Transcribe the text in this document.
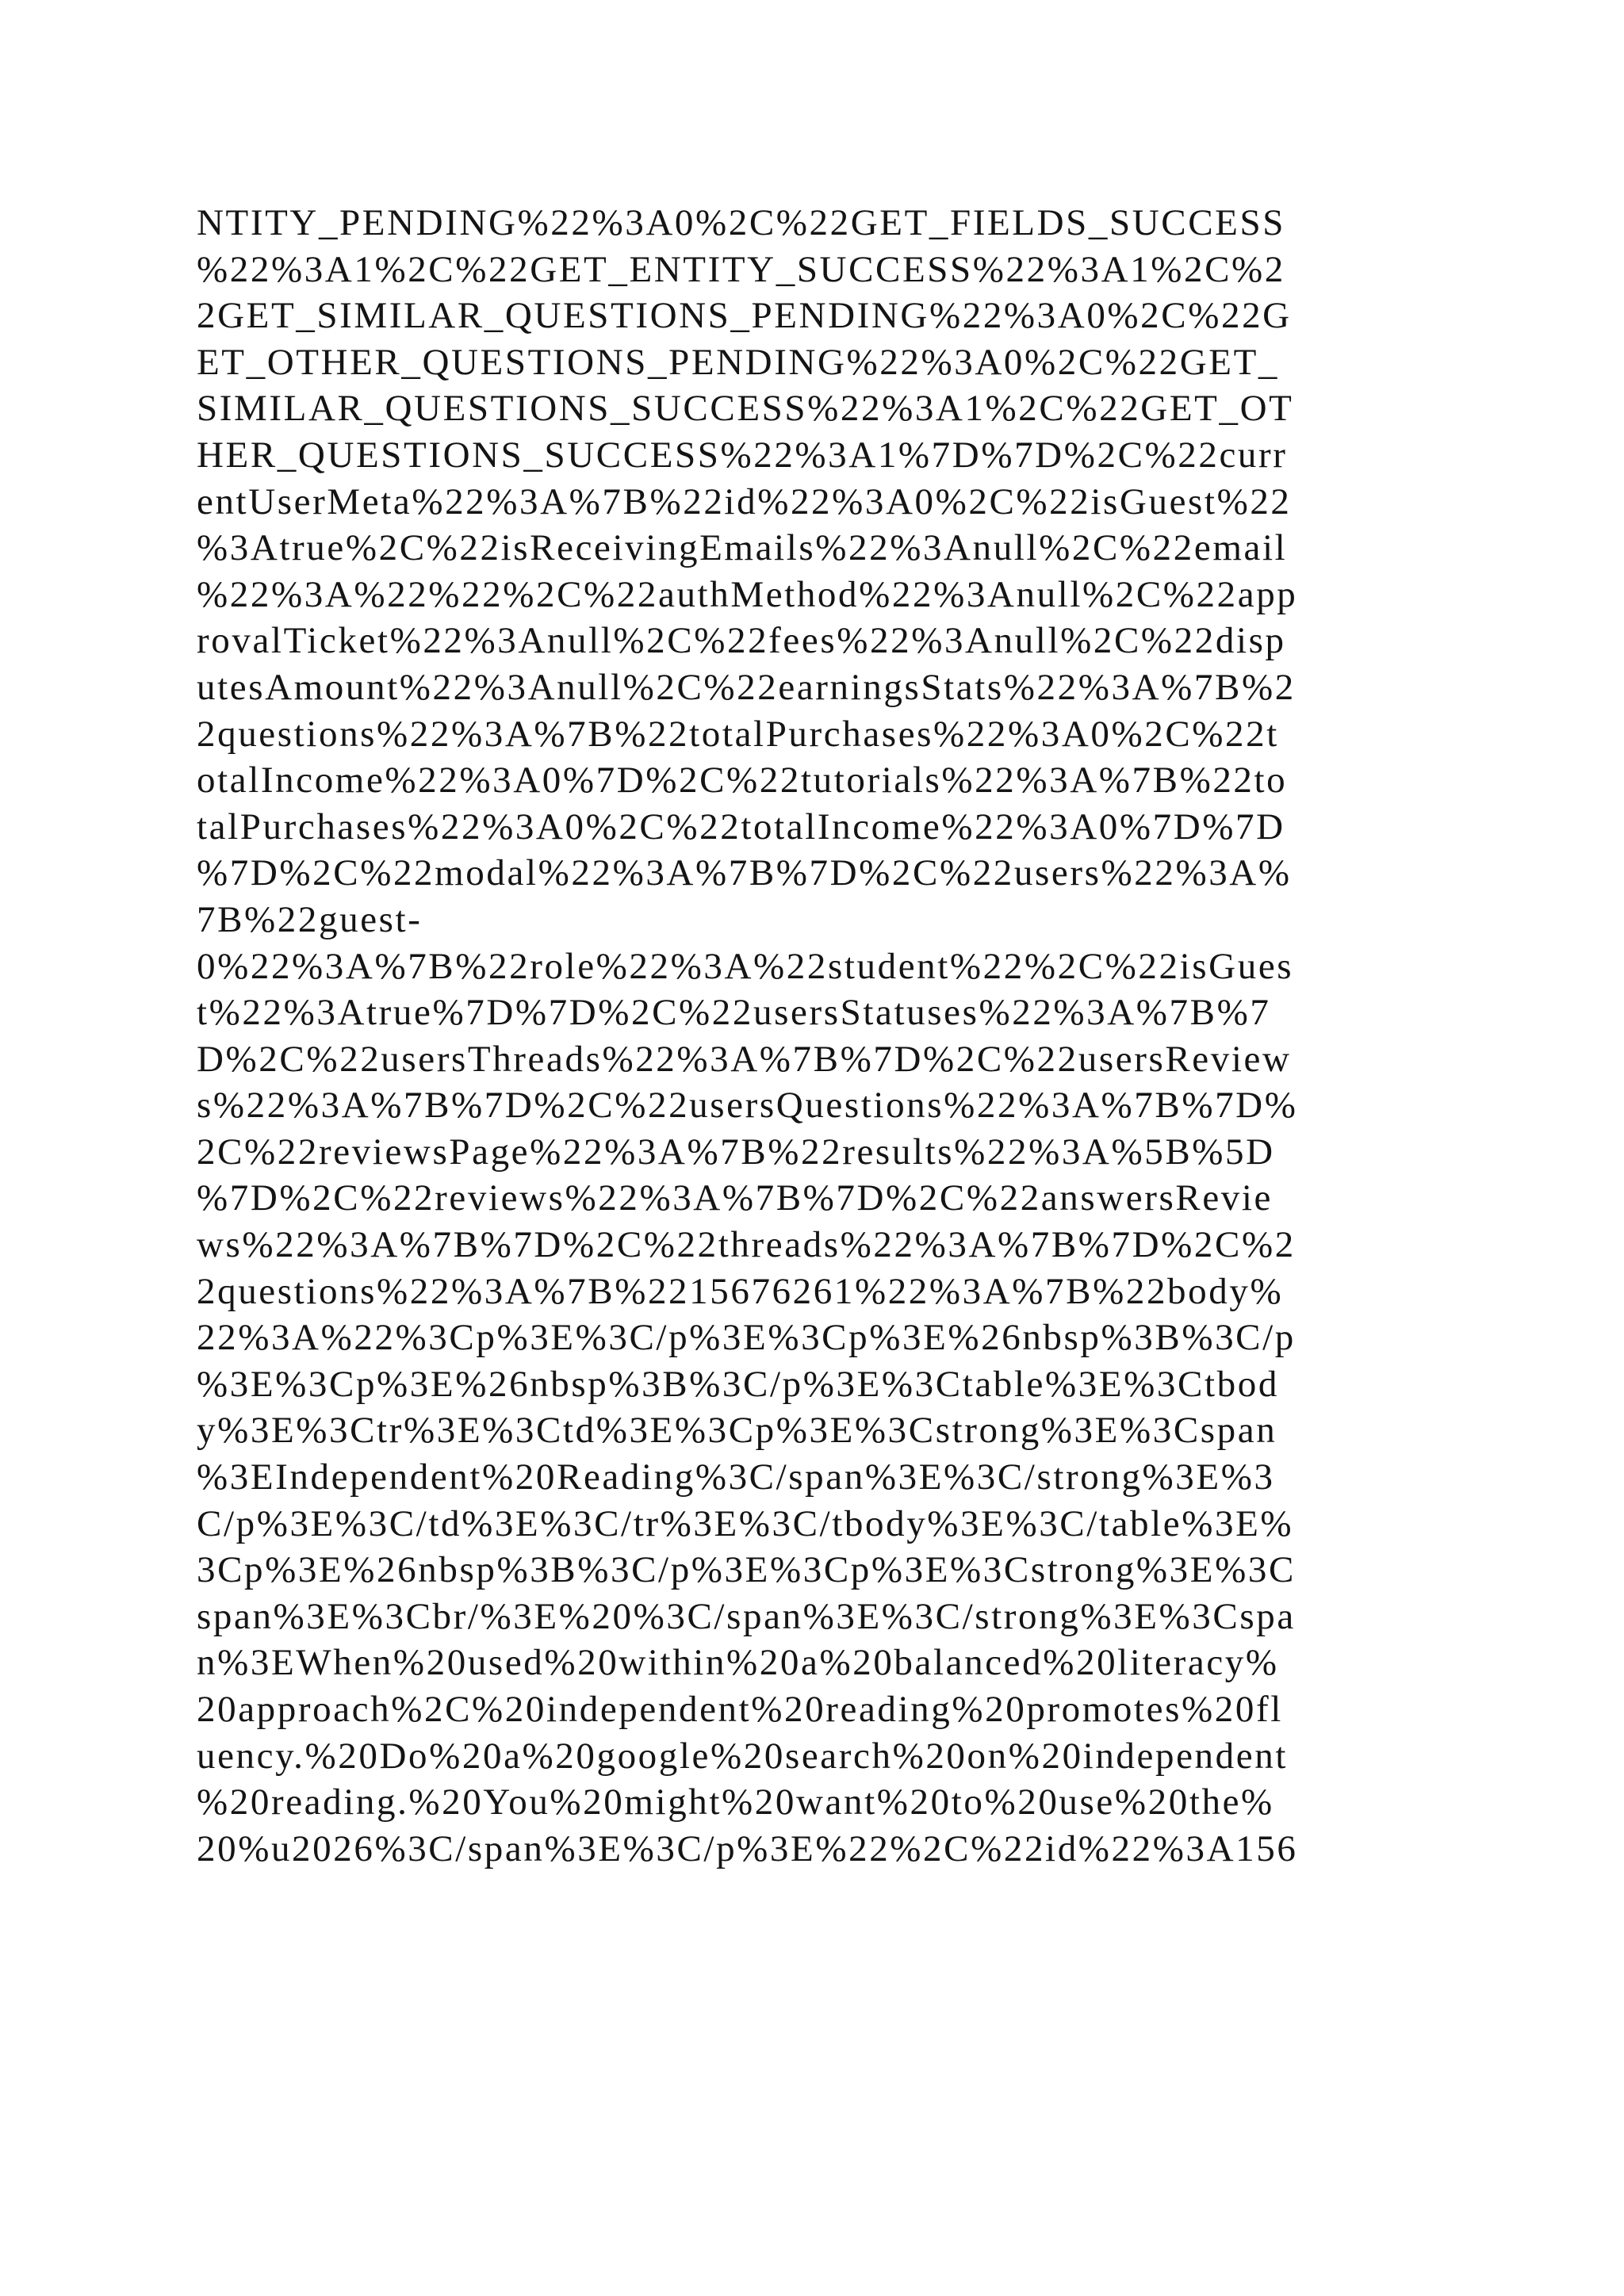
NTITY_PENDING%22%3A0%2C%22GET_FIELDS_SUCCESS
%22%3A1%2C%22GET_ENTITY_SUCCESS%22%3A1%2C%2
2GET_SIMILAR_QUESTIONS_PENDING%22%3A0%2C%22G
ET_OTHER_QUESTIONS_PENDING%22%3A0%2C%22GET_
SIMILAR_QUESTIONS_SUCCESS%22%3A1%2C%22GET_OT
HER_QUESTIONS_SUCCESS%22%3A1%7D%7D%2C%22curr
entUserMeta%22%3A%7B%22id%22%3A0%2C%22isGuest%22
%3Atrue%2C%22isReceivingEmails%22%3Anull%2C%22email
%22%3A%22%22%2C%22authMethod%22%3Anull%2C%22app
rovalTicket%22%3Anull%2C%22fees%22%3Anull%2C%22disp
utesAmount%22%3Anull%2C%22earningsStats%22%3A%7B%2
2questions%22%3A%7B%22totalPurchases%22%3A0%2C%22t
otalIncome%22%3A0%7D%2C%22tutorials%22%3A%7B%22to
talPurchases%22%3A0%2C%22totalIncome%22%3A0%7D%7D
%7D%2C%22modal%22%3A%7B%7D%2C%22users%22%3A%
7B%22guest-
0%22%3A%7B%22role%22%3A%22student%22%2C%22isGues
t%22%3Atrue%7D%7D%2C%22usersStatuses%22%3A%7B%7
D%2C%22usersThreads%22%3A%7B%7D%2C%22usersReview
s%22%3A%7B%7D%2C%22usersQuestions%22%3A%7B%7D%
2C%22reviewsPage%22%3A%7B%22results%22%3A%5B%5D
%7D%2C%22reviews%22%3A%7B%7D%2C%22answersRevie
ws%22%3A%7B%7D%2C%22threads%22%3A%7B%7D%2C%2
2questions%22%3A%7B%2215676261%22%3A%7B%22body%
22%3A%22%3Cp%3E%3C/p%3E%3Cp%3E%26nbsp%3B%3C/p
%3E%3Cp%3E%26nbsp%3B%3C/p%3E%3Ctable%3E%3Ctbod
y%3E%3Ctr%3E%3Ctd%3E%3Cp%3E%3Cstrong%3E%3Cspan
%3EIndependent%20Reading%3C/span%3E%3C/strong%3E%3
C/p%3E%3C/td%3E%3C/tr%3E%3C/tbody%3E%3C/table%3E%
3Cp%3E%26nbsp%3B%3C/p%3E%3Cp%3E%3Cstrong%3E%3C
span%3E%3Cbr/%3E%20%3C/span%3E%3C/strong%3E%3Cspa
n%3EWhen%20used%20within%20a%20balanced%20literacy%
20approach%2C%20independent%20reading%20promotes%20fl
uency.%20Do%20a%20google%20search%20on%20independent
%20reading.%20You%20might%20want%20to%20use%20the%
20%u2026%3C/span%3E%3C/p%3E%22%2C%22id%22%3A156
